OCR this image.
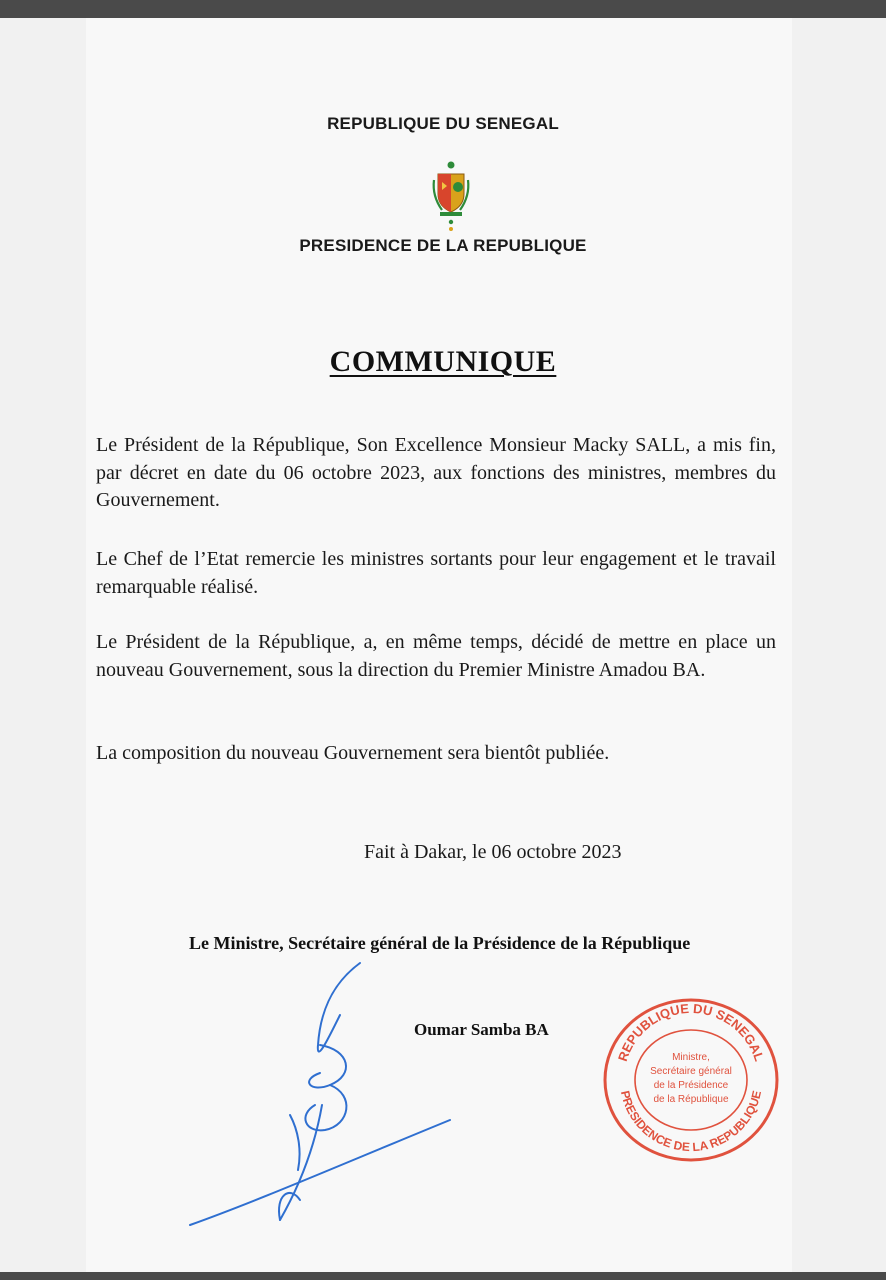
REPUBLIQUE DU SENEGAL
PRESIDENCE DE LA REPUBLIQUE
COMMUNIQUE

Le Président de la République, Son Excellence Monsieur Macky SALL, a mis fin, par décret en date du 06 octobre 2023, aux fonctions des ministres, membres du Gouvernement.

Le Chef de l’Etat remercie les ministres sortants pour leur engagement et le travail remarquable réalisé.

Le Président de la République, a, en même temps, décidé de mettre en place un nouveau Gouvernement, sous la direction du Premier Ministre Amadou BA.

La composition du nouveau Gouvernement sera bientôt publiée.

Fait à Dakar, le 06 octobre 2023
Le Ministre, Secrétaire général de la Présidence de la République
Oumar Samba BA
REPUBLIQUE DU SENEGAL
PRESIDENCE DE LA REPUBLIQUE
Ministre,
Secrétaire général
de la Présidence
de la République
